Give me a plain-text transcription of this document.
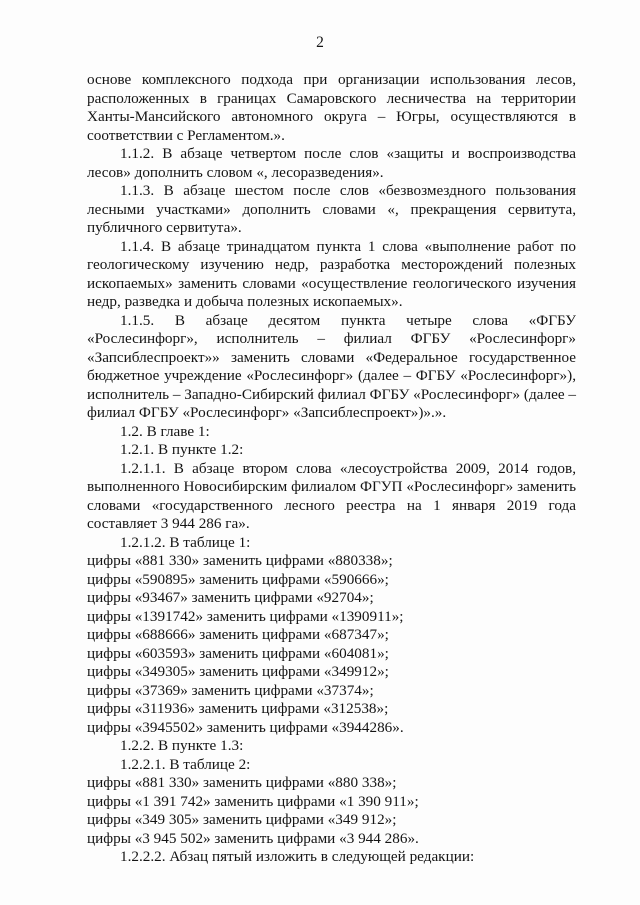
2
основе комплексного подхода при организации использования лесов,
расположенных в границах Самаровского лесничества на территории
Ханты-Мансийского автономного округа – Югры, осуществляются в
соответствии с Регламентом.».
1.1.2. В абзаце четвертом после слов «защиты и воспроизводства
лесов» дополнить словом «, лесоразведения».
1.1.3. В абзаце шестом после слов «безвозмездного пользования
лесными участками» дополнить словами «, прекращения сервитута,
публичного сервитута».
1.1.4. В абзаце тринадцатом пункта 1 слова «выполнение работ по
геологическому изучению недр, разработка месторождений полезных
ископаемых» заменить словами «осуществление геологического изучения
недр, разведка и добыча полезных ископаемых».
1.1.5. В абзаце десятом пункта четыре слова «ФГБУ
«Рослесинфорг», исполнитель – филиал ФГБУ «Рослесинфорг»
«Запсиблеспроект»» заменить словами «Федеральное государственное
бюджетное учреждение «Рослесинфорг» (далее – ФГБУ «Рослесинфорг»),
исполнитель – Западно-Сибирский филиал ФГБУ «Рослесинфорг» (далее –
филиал ФГБУ «Рослесинфорг» «Запсиблеспроект»)».».
1.2. В главе 1:
1.2.1. В пункте 1.2:
1.2.1.1. В абзаце втором слова «лесоустройства 2009, 2014 годов,
выполненного Новосибирским филиалом ФГУП «Рослесинфорг» заменить
словами «государственного лесного реестра на 1 января 2019 года
составляет 3 944 286 га».
1.2.1.2. В таблице 1:
цифры «881 330» заменить цифрами «880338»;
цифры «590895» заменить цифрами «590666»;
цифры «93467» заменить цифрами «92704»;
цифры «1391742» заменить цифрами «1390911»;
цифры «688666» заменить цифрами «687347»;
цифры «603593» заменить цифрами «604081»;
цифры «349305» заменить цифрами «349912»;
цифры «37369» заменить цифрами «37374»;
цифры «311936» заменить цифрами «312538»;
цифры «3945502» заменить цифрами «3944286».
1.2.2. В пункте 1.3:
1.2.2.1. В таблице 2:
цифры «881 330» заменить цифрами «880 338»;
цифры «1 391 742» заменить цифрами «1 390 911»;
цифры «349 305» заменить цифрами «349 912»;
цифры «3 945 502» заменить цифрами «3 944 286».
1.2.2.2. Абзац пятый изложить в следующей редакции:
